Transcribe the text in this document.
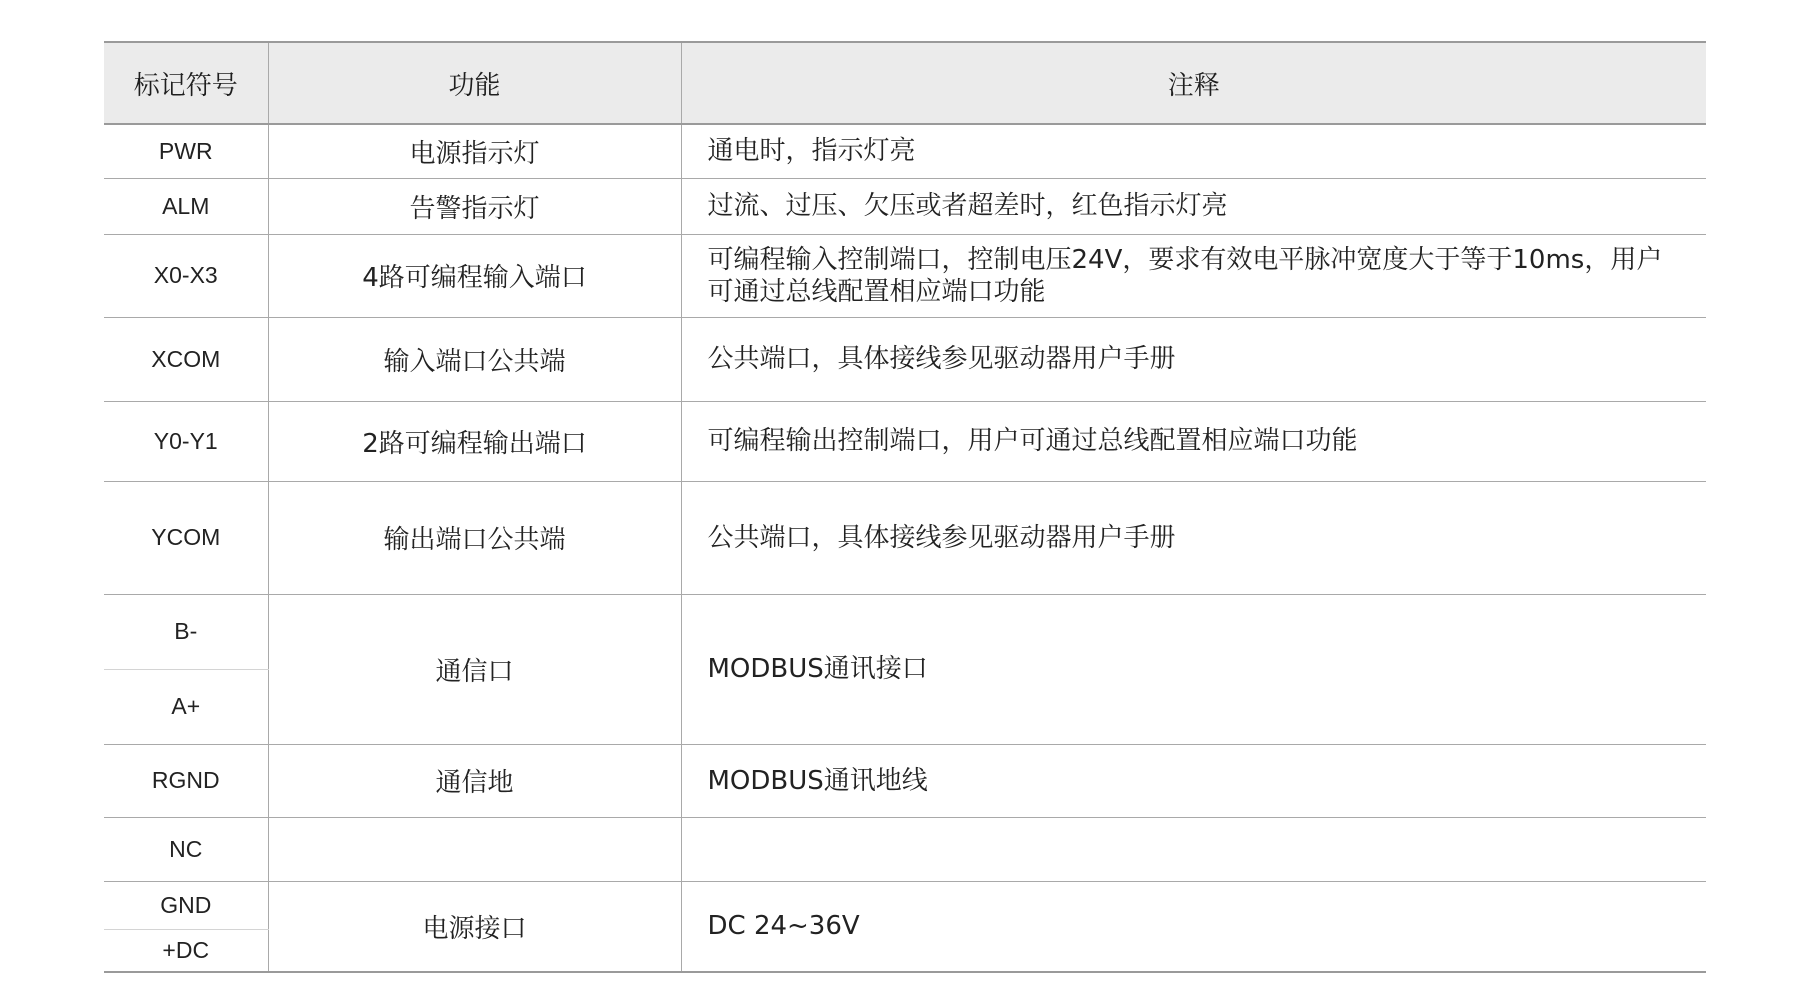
标记符号	功能	注释
PWR	电源指示灯	通电时，指示灯亮
ALM	告警指示灯	过流、过压、欠压或者超差时，红色指示灯亮
X0-X3	4路可编程输入端口	可编程输入控制端口，控制电压24V，要求有效电平脉冲宽度大于等于10ms，用户可通过总线配置相应端口功能
XCOM	输入端口公共端	公共端口，具体接线参见驱动器用户手册
Y0-Y1	2路可编程输出端口	可编程输出控制端口，用户可通过总线配置相应端口功能
YCOM	输出端口公共端	公共端口，具体接线参见驱动器用户手册
B-	通信口	MODBUS通讯接口
A+		
RGND	通信地	MODBUS通讯地线
NC		
GND	电源接口	DC 24~36V
+DC		
